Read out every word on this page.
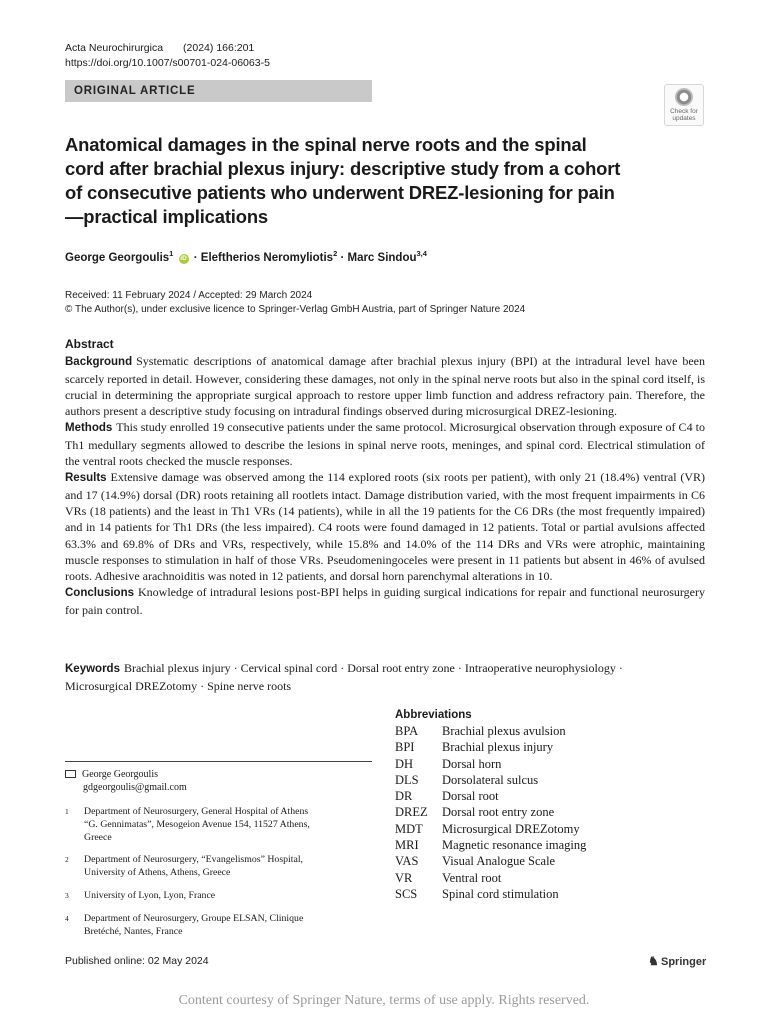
Acta Neurochirurgica (2024) 166:201
https://doi.org/10.1007/s00701-024-06063-5
ORIGINAL ARTICLE
Check for
updates
Anatomical damages in the spinal nerve roots and the spinal cord after brachial plexus injury: descriptive study from a cohort of consecutive patients who underwent DREZ-lesioning for pain—practical implications
George Georgoulis$^1$ iD · Eleftherios Neromyliotis$^2$ · Marc Sindou$^{3,4}$
Received: 11 February 2024 / Accepted: 29 March 2024
© The Author(s), under exclusive licence to Springer-Verlag GmbH Austria, part of Springer Nature 2024
Abstract

Background Systematic descriptions of anatomical damage after brachial plexus injury (BPI) at the intradural level have been scarcely reported in detail. However, considering these damages, not only in the spinal nerve roots but also in the spinal cord itself, is crucial in determining the appropriate surgical approach to restore upper limb function and address refractory pain. Therefore, the authors present a descriptive study focusing on intradural findings observed during microsurgical DREZ-lesioning.

Methods This study enrolled 19 consecutive patients under the same protocol. Microsurgical observation through exposure of C4 to Th1 medullary segments allowed to describe the lesions in spinal nerve roots, meninges, and spinal cord. Electrical stimulation of the ventral roots checked the muscle responses.

Results Extensive damage was observed among the 114 explored roots (six roots per patient), with only 21 (18.4%) ventral (VR) and 17 (14.9%) dorsal (DR) roots retaining all rootlets intact. Damage distribution varied, with the most frequent impairments in C6 VRs (18 patients) and the least in Th1 VRs (14 patients), while in all the 19 patients for the C6 DRs (the most frequently impaired) and in 14 patients for Th1 DRs (the less impaired). C4 roots were found damaged in 12 patients. Total or partial avulsions affected 63.3% and 69.8% of DRs and VRs, respectively, while 15.8% and 14.0% of the 114 DRs and VRs were atrophic, maintaining muscle responses to stimulation in half of those VRs. Pseudomeningoceles were present in 11 patients but absent in 46% of avulsed roots. Adhesive arachnoiditis was noted in 12 patients, and dorsal horn parenchymal alterations in 10.

Conclusions Knowledge of intradural lesions post-BPI helps in guiding surgical indications for repair and functional neurosurgery for pain control.

Keywords Brachial plexus injury · Cervical spinal cord · Dorsal root entry zone · Intraoperative neurophysiology ·
Microsurgical DREZotomy · Spine nerve roots
Abbreviations
BPA	Brachial plexus avulsion
BPI	Brachial plexus injury
DH	Dorsal horn
DLS	Dorsolateral sulcus
DR	Dorsal root
DREZ	Dorsal root entry zone
MDT	Microsurgical DREZotomy
MRI	Magnetic resonance imaging
VAS	Visual Analogue Scale
VR	Ventral root
SCS	Spinal cord stimulation
George Georgoulis
gdgeorgoulis@gmail.com
1	Department of Neurosurgery, General Hospital of Athens
“G. Gennimatas”, Mesogeion Avenue 154, 11527 Athens,
Greece
2	Department of Neurosurgery, “Evangelismos” Hospital,
University of Athens, Athens, Greece
3	University of Lyon, Lyon, France
4	Department of Neurosurgery, Groupe ELSAN, Clinique
Bretéché, Nantes, France
Published online: 02 May 2024	♞ Springer
Content courtesy of Springer Nature, terms of use apply. Rights reserved.
